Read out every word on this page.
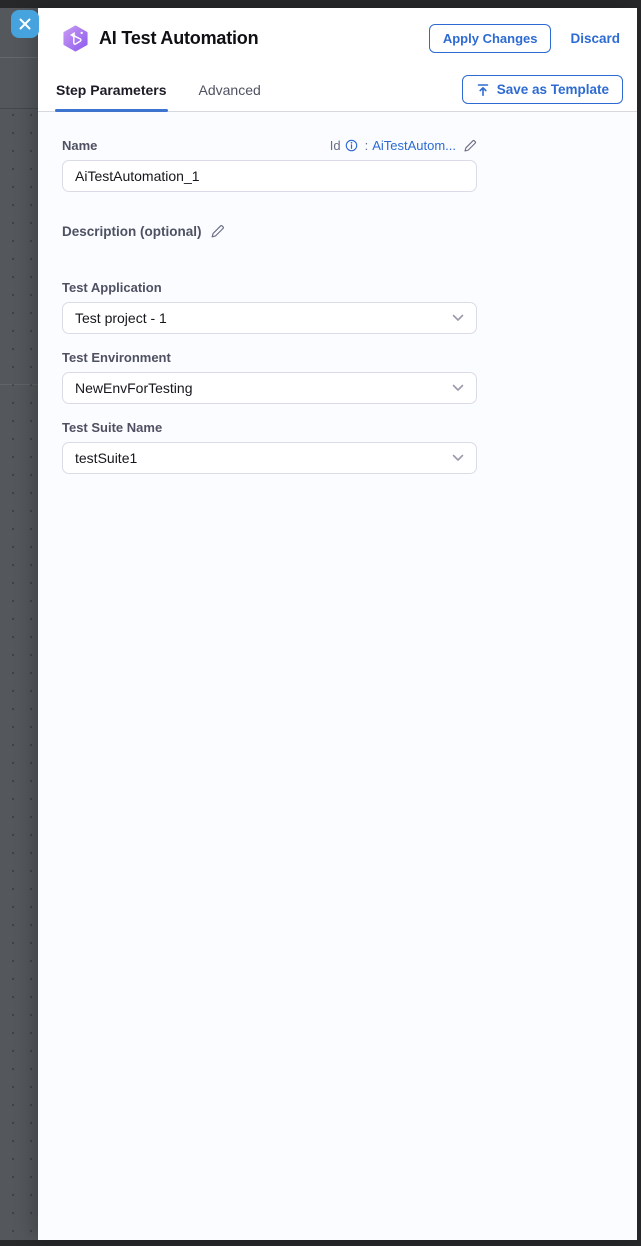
AI Test Automation	Apply Changes	Discard
Step Parameters Advanced	Save as Template
Name	Id : AiTestAutom...
AiTestAutomation_1
Description (optional)
Test Application
Test project - 1
Test Environment
NewEnvForTesting
Test Suite Name
testSuite1
